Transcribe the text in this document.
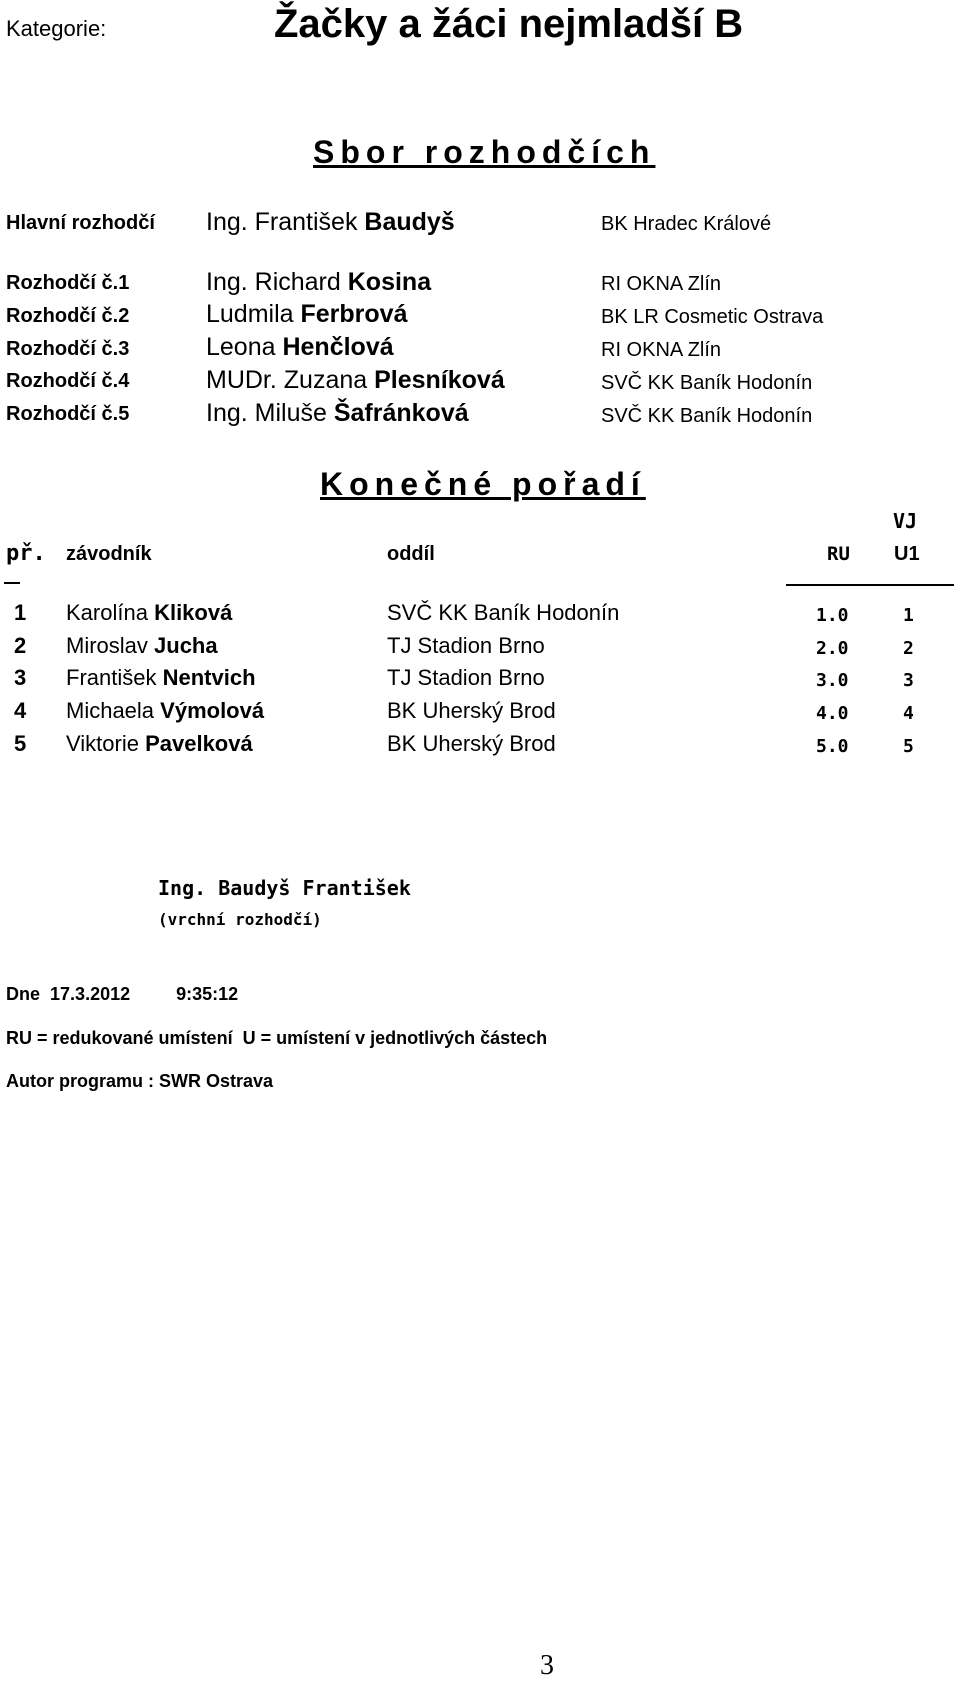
Kategorie:	Žačky a žáci nejmladší B
Sbor rozhodčích
Hlavní rozhodčí Ing. František Baudyš	BK Hradec Králové
Rozhodčí č.1	Ing. Richard Kosina	RI OKNA Zlín
Rozhodčí č.2	Ludmila Ferbrová	BK LR Cosmetic Ostrava
Rozhodčí č.3	Leona Henčlová	RI OKNA Zlín
Rozhodčí č.4	MUDr. Zuzana Plesníková	SVČ KK Baník Hodonín
Rozhodčí č.5	Ing. Miluše Šafránková	SVČ KK Baník Hodonín
Konečné pořadí
VJ
př. závodník	oddíl	RU U1
1 Karolína Kliková	SVČ KK Baník Hodonín	1.0	1
2 Miroslav Jucha	TJ Stadion Brno	2.0	2
3 František Nentvich	TJ Stadion Brno	3.0	3
4 Michaela Výmolová	BK Uherský Brod	4.0	4
5 Viktorie Pavelková	BK Uherský Brod	5.0	5
Ing. Baudyš František
(vrchní rozhodčí)
Dne 17.3.2012	9:35:12
RU = redukované umístení  U = umístení v jednotlivých částech
Autor programu : SWR Ostrava
3
